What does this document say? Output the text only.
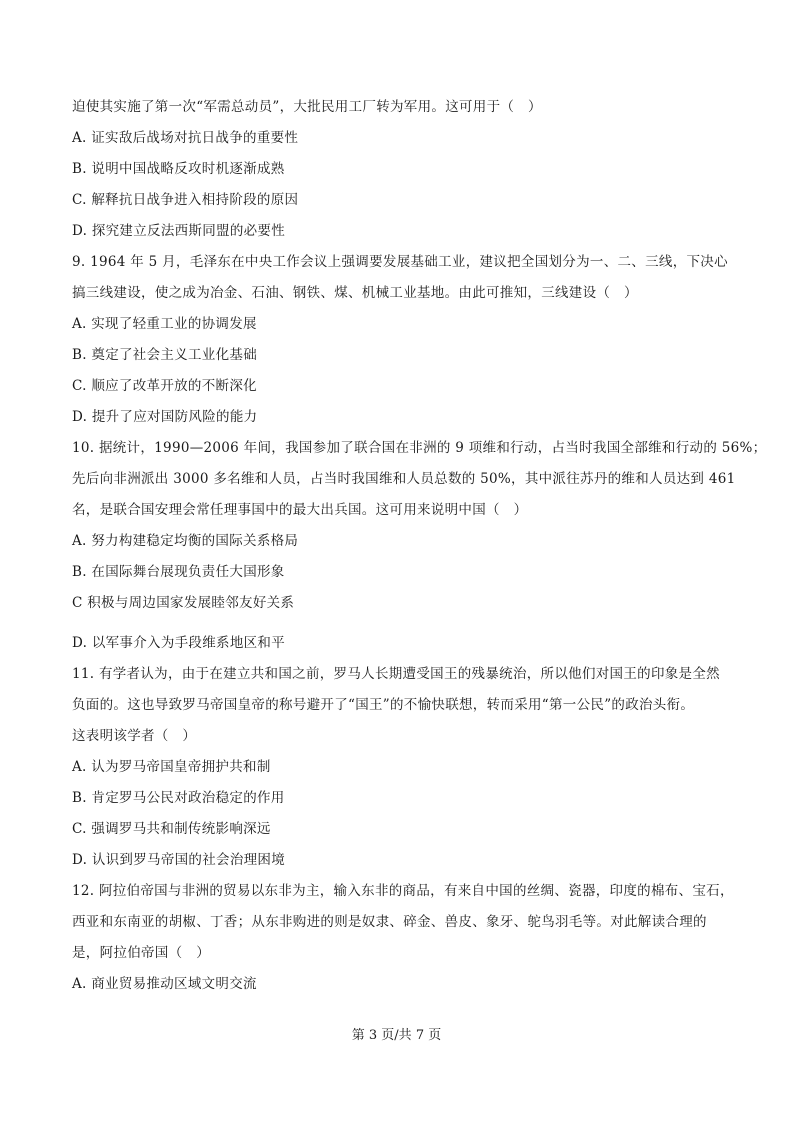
迫使其实施了第一次“军需总动员”，大批民用工厂转为军用。这可用于（　）
A. 证实敌后战场对抗日战争的重要性
B. 说明中国战略反攻时机逐渐成熟
C. 解释抗日战争进入相持阶段的原因
D. 探究建立反法西斯同盟的必要性
9. 1964 年 5 月，毛泽东在中央工作会议上强调要发展基础工业，建议把全国划分为一、二、三线，下决心
搞三线建设，使之成为冶金、石油、钢铁、煤、机械工业基地。由此可推知，三线建设（　）
A. 实现了轻重工业的协调发展
B. 奠定了社会主义工业化基础
C. 顺应了改革开放的不断深化
D. 提升了应对国防风险的能力
10. 据统计，1990—2006 年间，我国参加了联合国在非洲的 9 项维和行动，占当时我国全部维和行动的 56%；
先后向非洲派出 3000 多名维和人员，占当时我国维和人员总数的 50%，其中派往苏丹的维和人员达到 461
名，是联合国安理会常任理事国中的最大出兵国。这可用来说明中国（　）
A. 努力构建稳定均衡的国际关系格局
B. 在国际舞台展现负责任大国形象
C 积极与周边国家发展睦邻友好关系
D. 以军事介入为手段维系地区和平
11. 有学者认为，由于在建立共和国之前，罗马人长期遭受国王的残暴统治，所以他们对国王的印象是全然
负面的。这也导致罗马帝国皇帝的称号避开了“国王”的不愉快联想，转而采用“第一公民”的政治头衔。
这表明该学者（　）
A. 认为罗马帝国皇帝拥护共和制
B. 肯定罗马公民对政治稳定的作用
C. 强调罗马共和制传统影响深远
D. 认识到罗马帝国的社会治理困境
12. 阿拉伯帝国与非洲的贸易以东非为主，输入东非的商品，有来自中国的丝绸、瓷器，印度的棉布、宝石，
西亚和东南亚的胡椒、丁香；从东非购进的则是奴隶、碎金、兽皮、象牙、鸵鸟羽毛等。对此解读合理的
是，阿拉伯帝国（　）
A. 商业贸易推动区域文明交流
第 3 页/共 7 页
